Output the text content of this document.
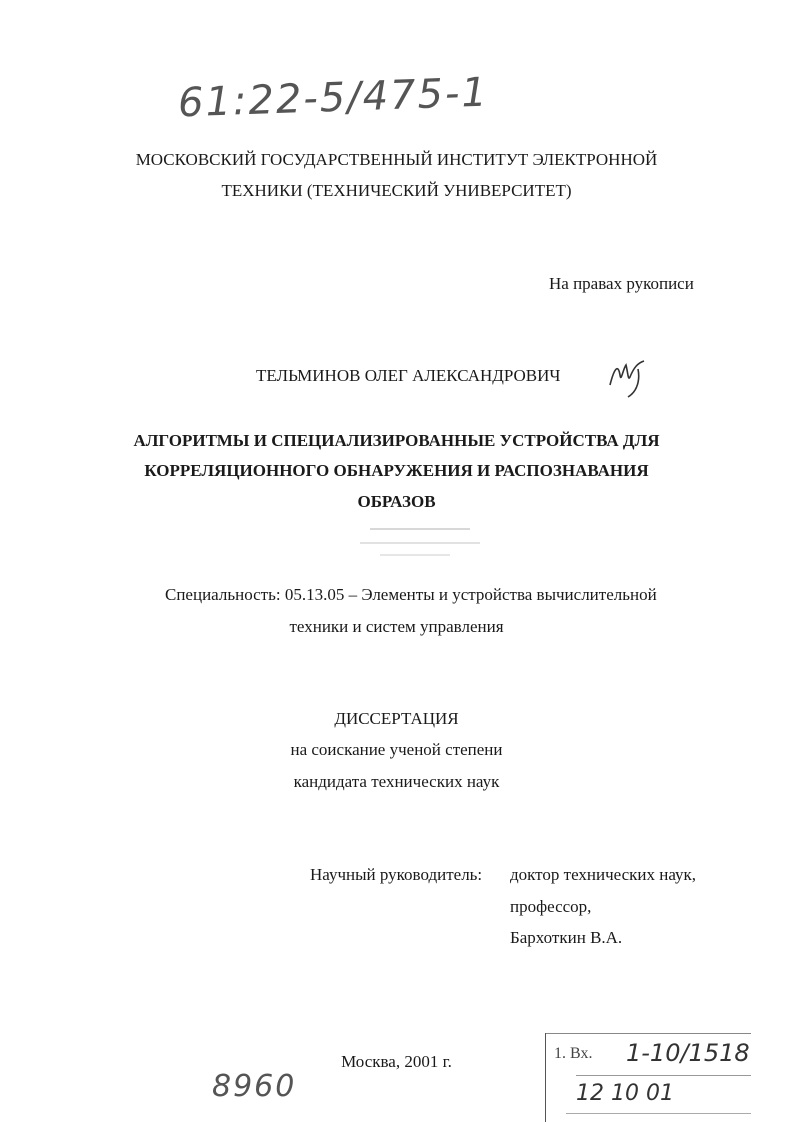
61:22-5/475-1
МОСКОВСКИЙ ГОСУДАРСТВЕННЫЙ ИНСТИТУТ ЭЛЕКТРОННОЙ
ТЕХНИКИ (ТЕХНИЧЕСКИЙ УНИВЕРСИТЕТ)
На правах рукописи
ТЕЛЬМИНОВ ОЛЕГ АЛЕКСАНДРОВИЧ
АЛГОРИТМЫ И СПЕЦИАЛИЗИРОВАННЫЕ УСТРОЙСТВА ДЛЯ
КОРРЕЛЯЦИОННОГО ОБНАРУЖЕНИЯ И РАСПОЗНАВАНИЯ
ОБРАЗОВ
Специальность: 05.13.05 – Элементы и устройства вычислительной
техники и систем управления
ДИССЕРТАЦИЯ
на соискание ученой степени
кандидата технических наук
Научный руководитель: доктор технических наук,
профессор,
Бархоткин В.А.
Москва, 2001 г.
8960
1. Вх. 1-10/1518
12 10 01
